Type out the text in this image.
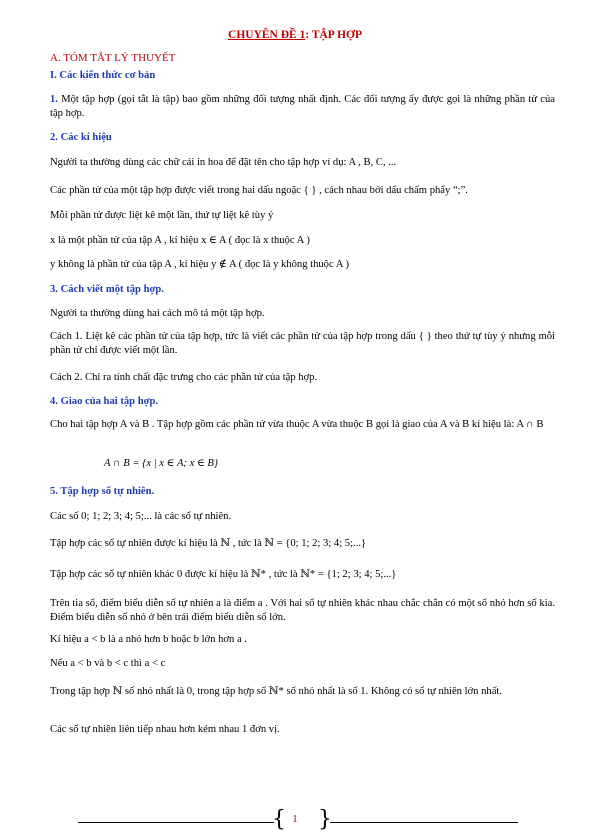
CHUYÊN ĐỀ 1: TẬP HỢP
A. TÓM TẮT LÝ THUYẾT
I. Các kiến thức cơ bản
1. Một tập hợp (gọi tắt là tập) bao gồm những đối tượng nhất định. Các đối tượng ấy được gọi là những phần tử của tập hợp.
2. Các kí hiệu
Người ta thường dùng các chữ cái in hoa để đặt tên cho tập hợp ví dụ: A , B, C, ...
Các phần tử của một tập hợp được viết trong hai dấu ngoặc { } , cách nhau bởi dấu chấm phẩy “;”.
Mỗi phần tử được liệt kê một lần, thứ tự liệt kê tùy ý
x là một phần tử của tập A , kí hiệu x ∈ A ( đọc là x thuộc A )
y không là phần tử của tập A , kí hiệu y ∉ A ( đọc là y không thuộc A )
3. Cách viết một tập hợp.
Người ta thường dùng hai cách mô tả một tập hợp.
Cách 1. Liệt kê các phần tử của tập hợp, tức là viết các phần tử của tập hợp trong dấu { } theo thứ tự tùy ý nhưng mỗi phần tử chỉ được viết một lần.
Cách 2. Chỉ ra tính chất đặc trưng cho các phần tử của tập hợp.
4. Giao của hai tập hợp.
Cho hai tập hợp A và B . Tập hợp gồm các phần tử vừa thuộc A vừa thuộc B gọi là giao của A và B kí hiệu là: A ∩ B
A ∩ B = {x | x ∈ A; x ∈ B}
5. Tập hợp số tự nhiên.
Các số 0; 1; 2; 3; 4; 5;... là các số tự nhiên.
Tập hợp các số tự nhiên được kí hiệu là ℕ , tức là ℕ = {0; 1; 2; 3; 4; 5;...}
Tập hợp các số tự nhiên khác 0 được kí hiệu là ℕ* , tức là ℕ* = {1; 2; 3; 4; 5;...}
Trên tia số, điểm biểu diễn số tự nhiên a là điểm a . Với hai số tự nhiên khác nhau chắc chắn có một số nhỏ hơn số kia. Điểm biểu diễn số nhỏ ở bên trái điểm biểu diễn số lớn.
Kí hiệu a < b là a nhỏ hơn b hoặc b lớn hơn a .
Nếu a < b và b < c thì a < c
Trong tập hợp ℕ số nhỏ nhất là 0, trong tập hợp số ℕ* số nhỏ nhất là số 1. Không có số tự nhiên lớn nhất.
Các số tự nhiên liên tiếp nhau hơn kém nhau 1 đơn vị.
{ }
1
